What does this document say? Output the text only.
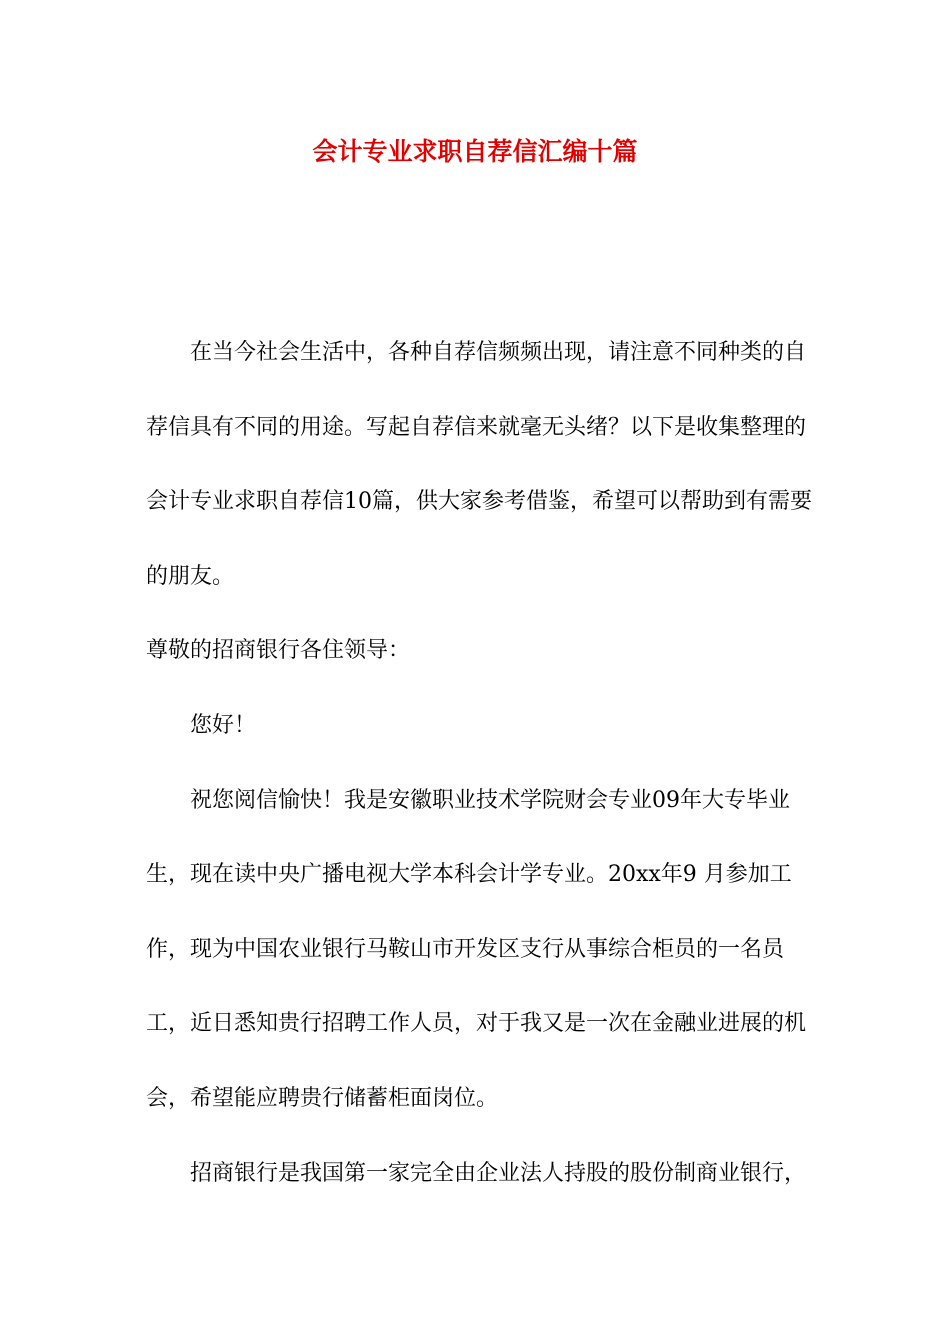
会计专业求职自荐信汇编十篇

在当今社会生活中，各种自荐信频频出现，请注意不同种类的自荐信具有不同的用途。写起自荐信来就毫无头绪？以下是收集整理的会计专业求职自荐信10篇，供大家参考借鉴，希望可以帮助到有需要的朋友。

尊敬的招商银行各住领导：

您好！

祝您阅信愉快！我是安徽职业技术学院财会专业09年大专毕业生，现在读中央广播电视大学本科会计学专业。20xx年9 月参加工作，现为中国农业银行马鞍山市开发区支行从事综合柜员的一名员工，近日悉知贵行招聘工作人员，对于我又是一次在金融业进展的机会，希望能应聘贵行储蓄柜面岗位。

招商银行是我国第一家完全由企业法人持股的股份制商业银行，
